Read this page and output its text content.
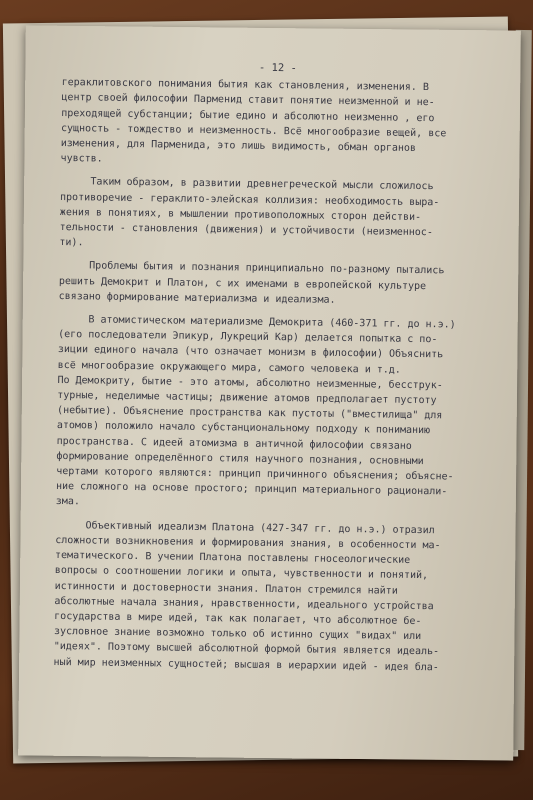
- 12 -
гераклитовского понимания бытия как становления, изменения. В
центр своей философии Парменид ставит понятие неизменной и не-
преходящей субстанции; бытие едино и абсолютно неизменно , его
сущность - тождество и неизменность. Всё многообразие вещей, все
изменения, для Парменида, это лишь видимость, обман органов
чувств.
Таким образом, в развитии древнегреческой мысли сложилось
противоречие - гераклито-элейская коллизия: необходимость выра-
жения в понятиях, в мышлении противоположных сторон действи-
тельности - становления (движения) и устойчивости (неизменнос-
ти).
Проблемы бытия и познания принципиально по-разному пытались
решить Демокрит и Платон, с их именами в европейской культуре
связано формирование материализма и идеализма.
В атомистическом материализме Демокрита (460-371 гг. до н.э.)
(его последователи Эпикур, Лукреций Кар) делается попытка с по-
зиции единого начала (что означает монизм в философии) Объяснить
всё многообразие окружающего мира, самого человека и т.д.
По Демокриту, бытие - это атомы, абсолютно неизменные, бесструк-
турные, неделимые частицы; движение атомов предполагает пустоту
(небытие). Объяснение пространства как пустоты ("вместилища" для
атомов) положило начало субстанциональному подходу к пониманию
пространства. С идеей атомизма в античной философии связано
формирование определённого стиля научного познания, основными
чертами которого являются: принцип причинного объяснения; объясне-
ние сложного на основе простого; принцип материального рационали-
зма.
Объективный идеализм Платона (427-347 гг. до н.э.) отразил
сложности возникновения и формирования знания, в особенности ма-
тематического. В учении Платона поставлены гносеологические
вопросы о соотношении логики и опыта, чувственности и понятий,
истинности и достоверности знания. Платон стремился найти
абсолютные начала знания, нравственности, идеального устройства
государства в мире идей, так как полагает, что абсолютное бе-
зусловное знание возможно только об истинно сущих "видах" или
"идеях". Поэтому высшей абсолютной формой бытия является идеаль-
ный мир неизменных сущностей; высшая в иерархии идей - идея бла-
